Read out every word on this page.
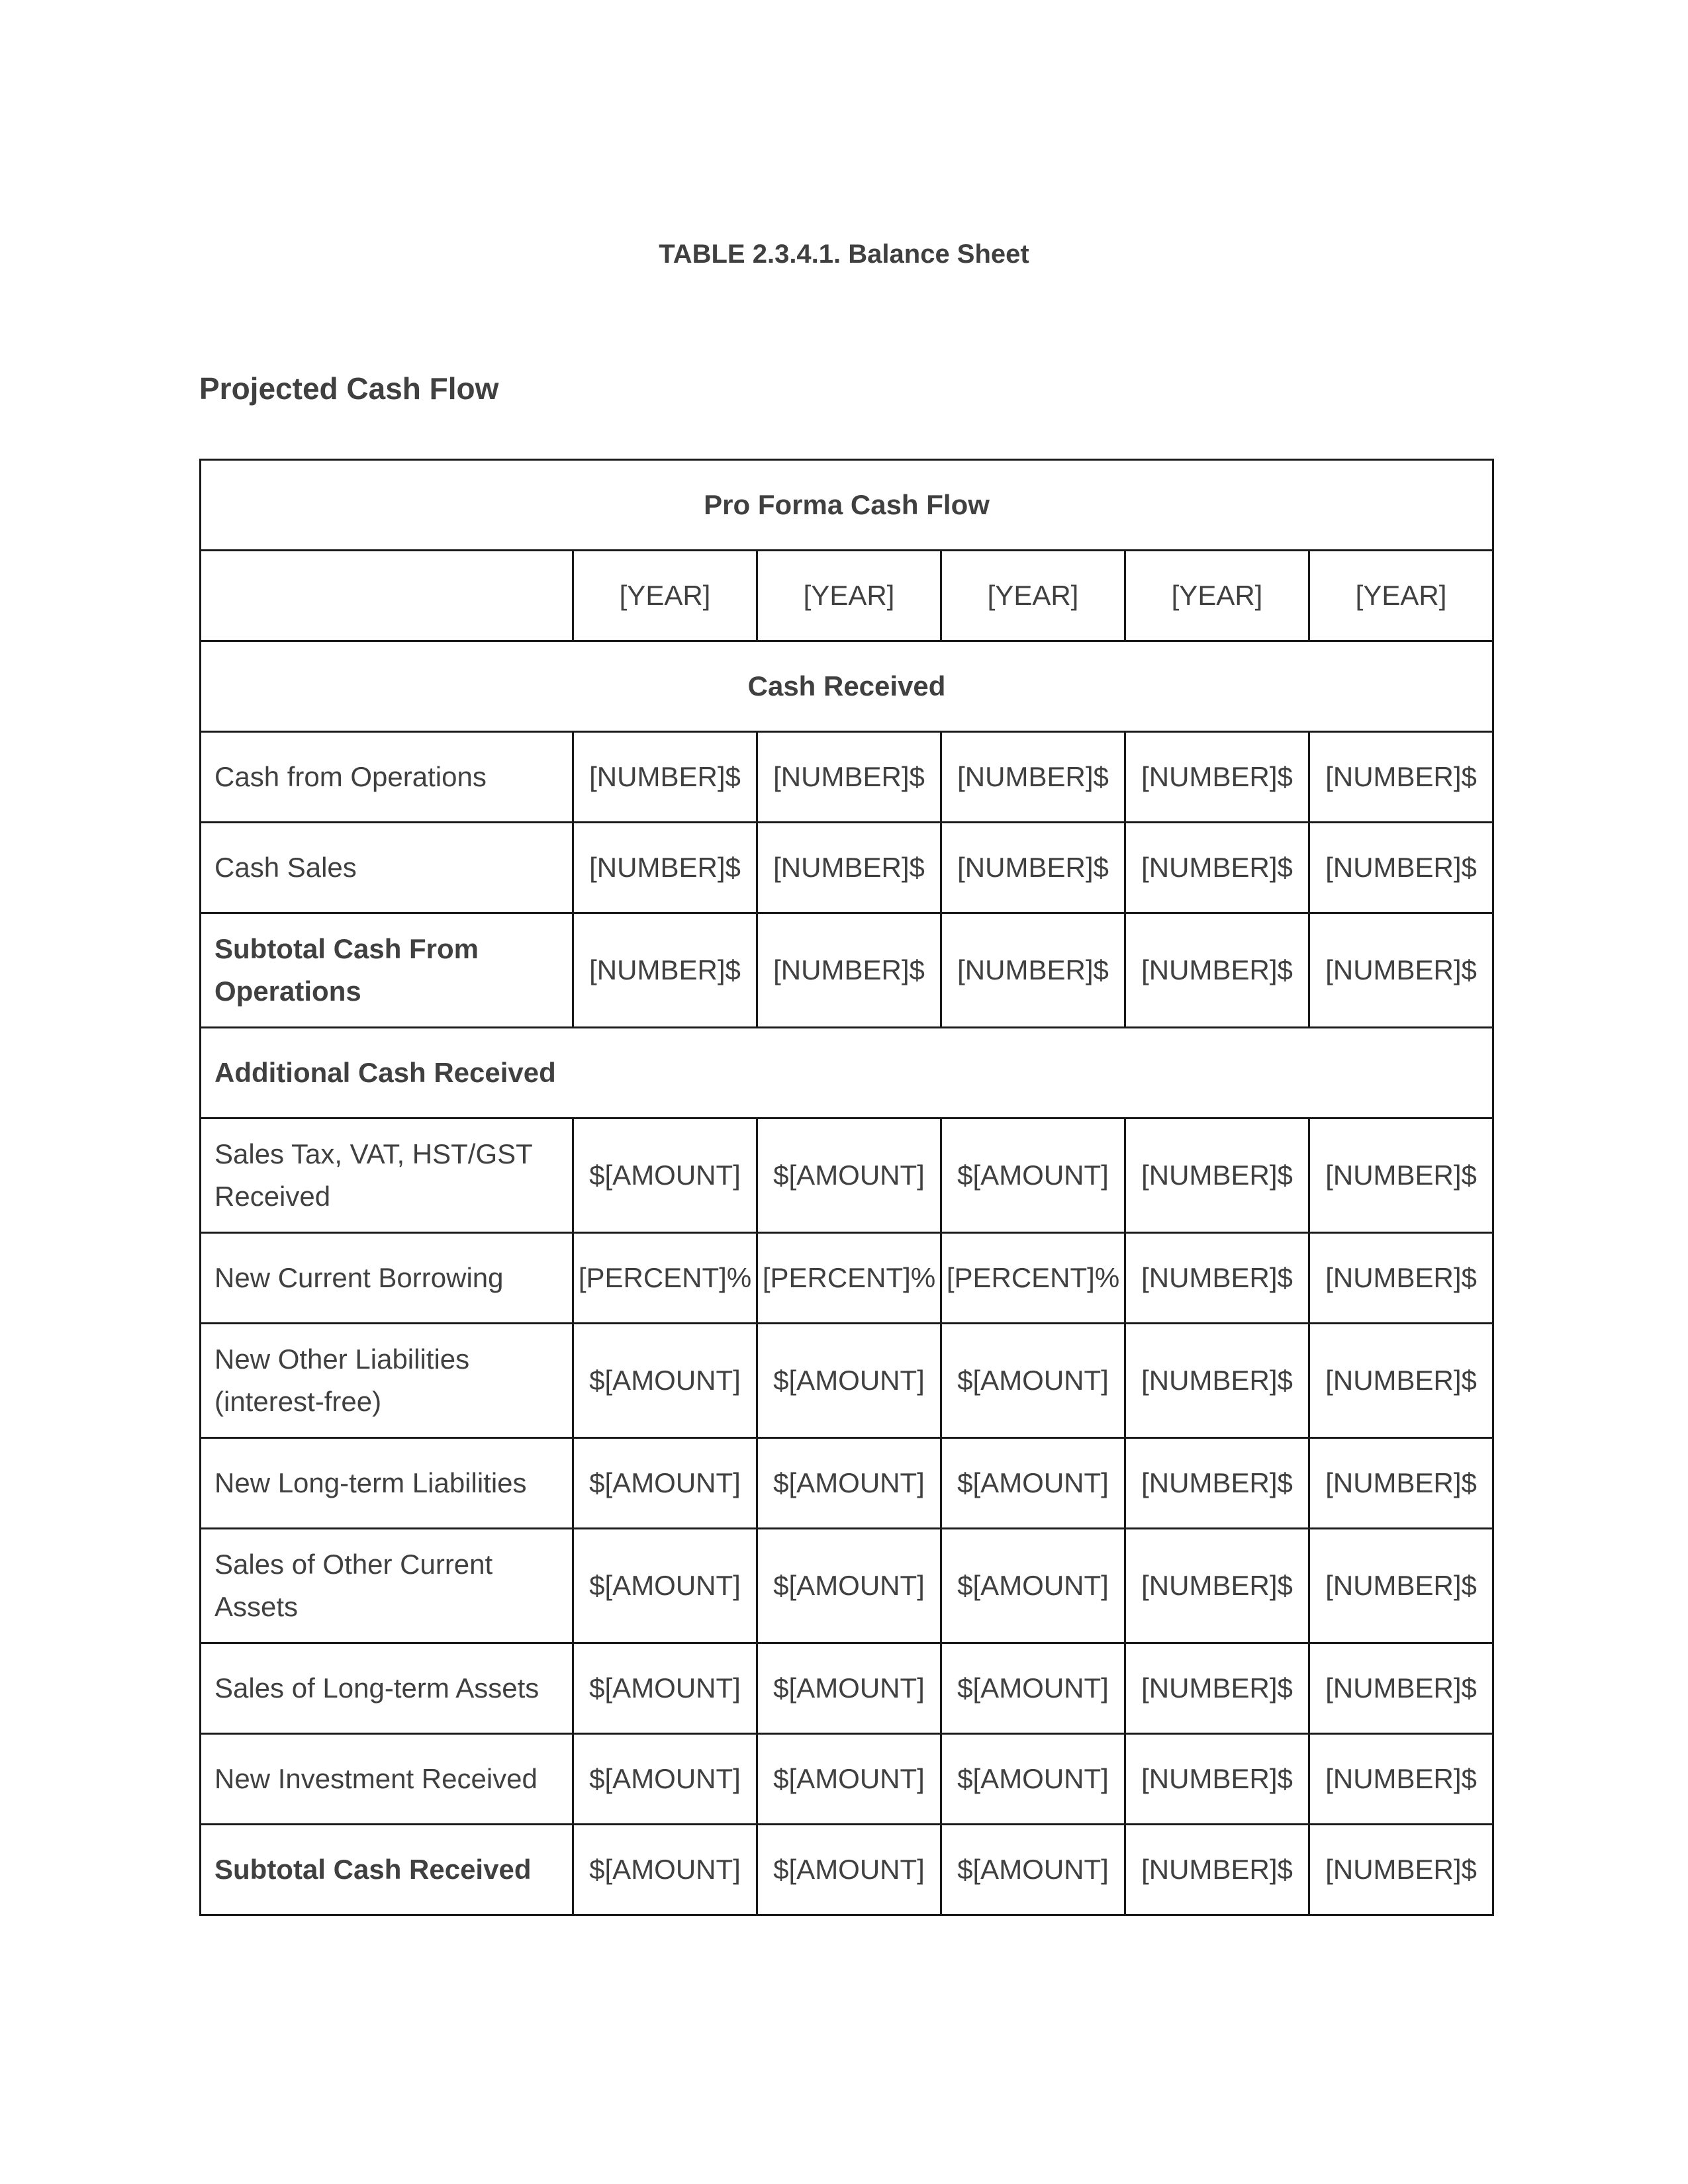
TABLE 2.3.4.1. Balance Sheet
Projected Cash Flow
Pro Forma Cash Flow					
	[YEAR]	[YEAR]	[YEAR]	[YEAR]	[YEAR]
Cash Received					
Cash from Operations	[NUMBER]$	[NUMBER]$	[NUMBER]$	[NUMBER]$	[NUMBER]$
Cash Sales	[NUMBER]$	[NUMBER]$	[NUMBER]$	[NUMBER]$	[NUMBER]$
Subtotal Cash From Operations	[NUMBER]$	[NUMBER]$	[NUMBER]$	[NUMBER]$	[NUMBER]$
Additional Cash Received					
Sales Tax, VAT, HST/GST Received	$[AMOUNT]	$[AMOUNT]	$[AMOUNT]	[NUMBER]$	[NUMBER]$
New Current Borrowing	[PERCENT]%	[PERCENT]%	[PERCENT]%	[NUMBER]$	[NUMBER]$
New Other Liabilities (interest-free)	$[AMOUNT]	$[AMOUNT]	$[AMOUNT]	[NUMBER]$	[NUMBER]$
New Long-term Liabilities	$[AMOUNT]	$[AMOUNT]	$[AMOUNT]	[NUMBER]$	[NUMBER]$
Sales of Other Current Assets	$[AMOUNT]	$[AMOUNT]	$[AMOUNT]	[NUMBER]$	[NUMBER]$
Sales of Long-term Assets	$[AMOUNT]	$[AMOUNT]	$[AMOUNT]	[NUMBER]$	[NUMBER]$
New Investment Received	$[AMOUNT]	$[AMOUNT]	$[AMOUNT]	[NUMBER]$	[NUMBER]$
Subtotal Cash Received	$[AMOUNT]	$[AMOUNT]	$[AMOUNT]	[NUMBER]$	[NUMBER]$
